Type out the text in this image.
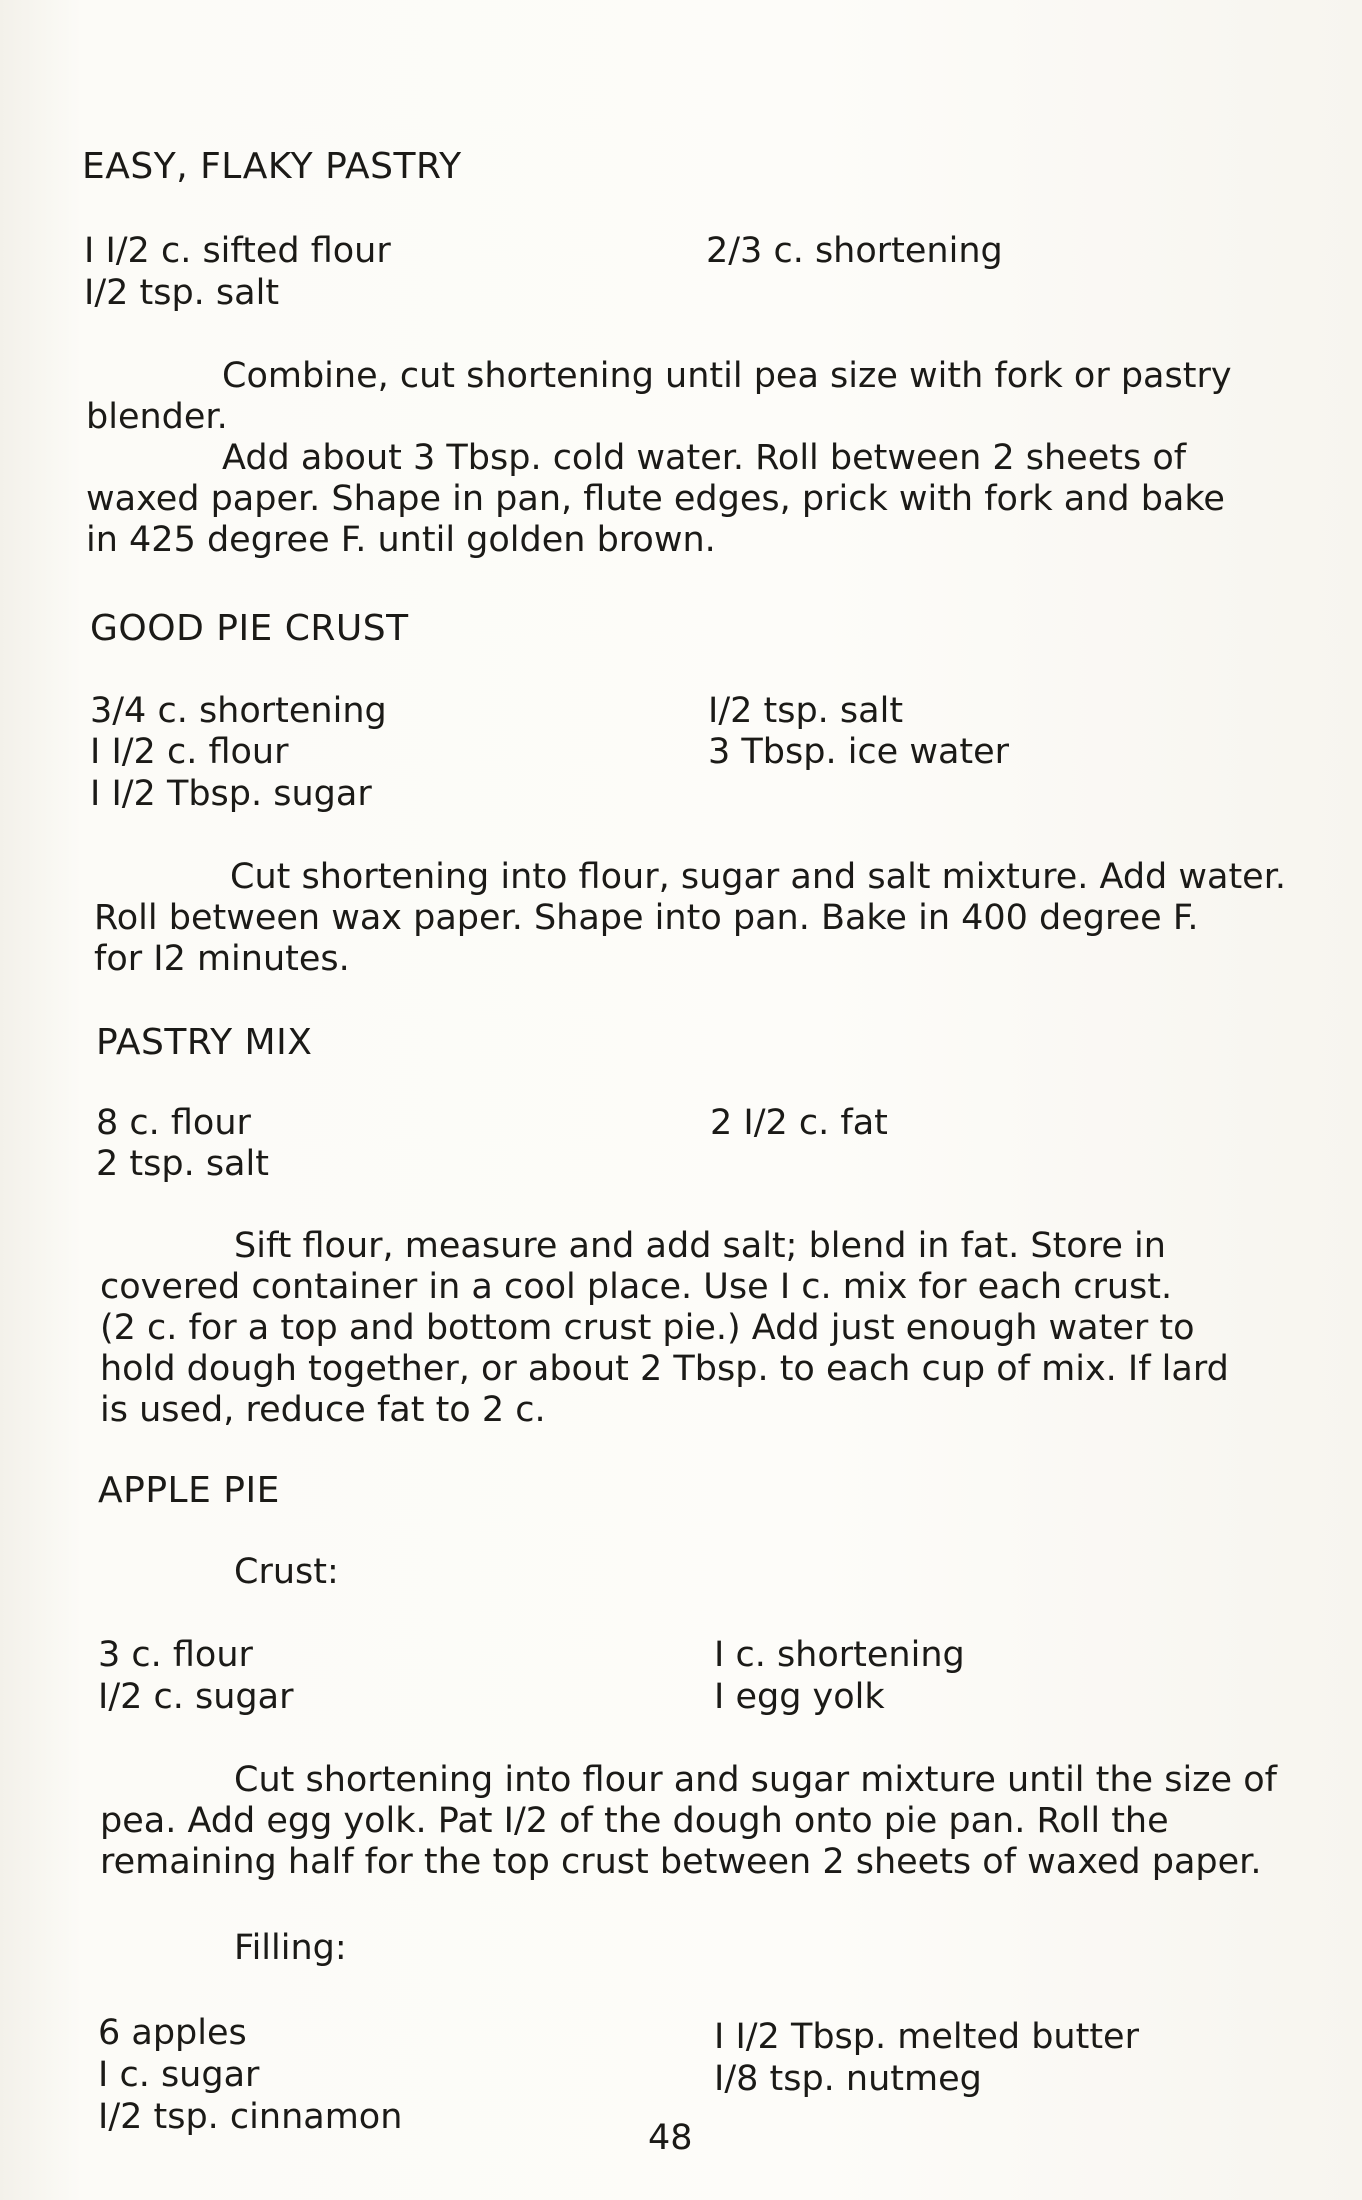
EASY, FLAKY PASTRY
I I/2 c. sifted flour
I/2 tsp. salt
2/3 c. shortening
Combine, cut shortening until pea size with fork or pastry
blender.
Add about 3 Tbsp. cold water. Roll between 2 sheets of
waxed paper. Shape in pan, flute edges, prick with fork and bake
in 425 degree F. until golden brown.
GOOD PIE CRUST
3/4 c. shortening
I I/2 c. flour
I I/2 Tbsp. sugar
I/2 tsp. salt
3 Tbsp. ice water
Cut shortening into flour, sugar and salt mixture. Add water.
Roll between wax paper. Shape into pan. Bake in 400 degree F.
for I2 minutes.
PASTRY MIX
8 c. flour
2 tsp. salt
2 I/2 c. fat
Sift flour, measure and add salt; blend in fat. Store in
covered container in a cool place. Use I c. mix for each crust.
(2 c. for a top and bottom crust pie.) Add just enough water to
hold dough together, or about 2 Tbsp. to each cup of mix. If lard
is used, reduce fat to 2 c.
APPLE PIE
Crust:
3 c. flour
I/2 c. sugar
I c. shortening
I egg yolk
Cut shortening into flour and sugar mixture until the size of
pea. Add egg yolk. Pat I/2 of the dough onto pie pan. Roll the
remaining half for the top crust between 2 sheets of waxed paper.
Filling:
6 apples
I c. sugar
I/2 tsp. cinnamon
I I/2 Tbsp. melted butter
I/8 tsp. nutmeg
48
